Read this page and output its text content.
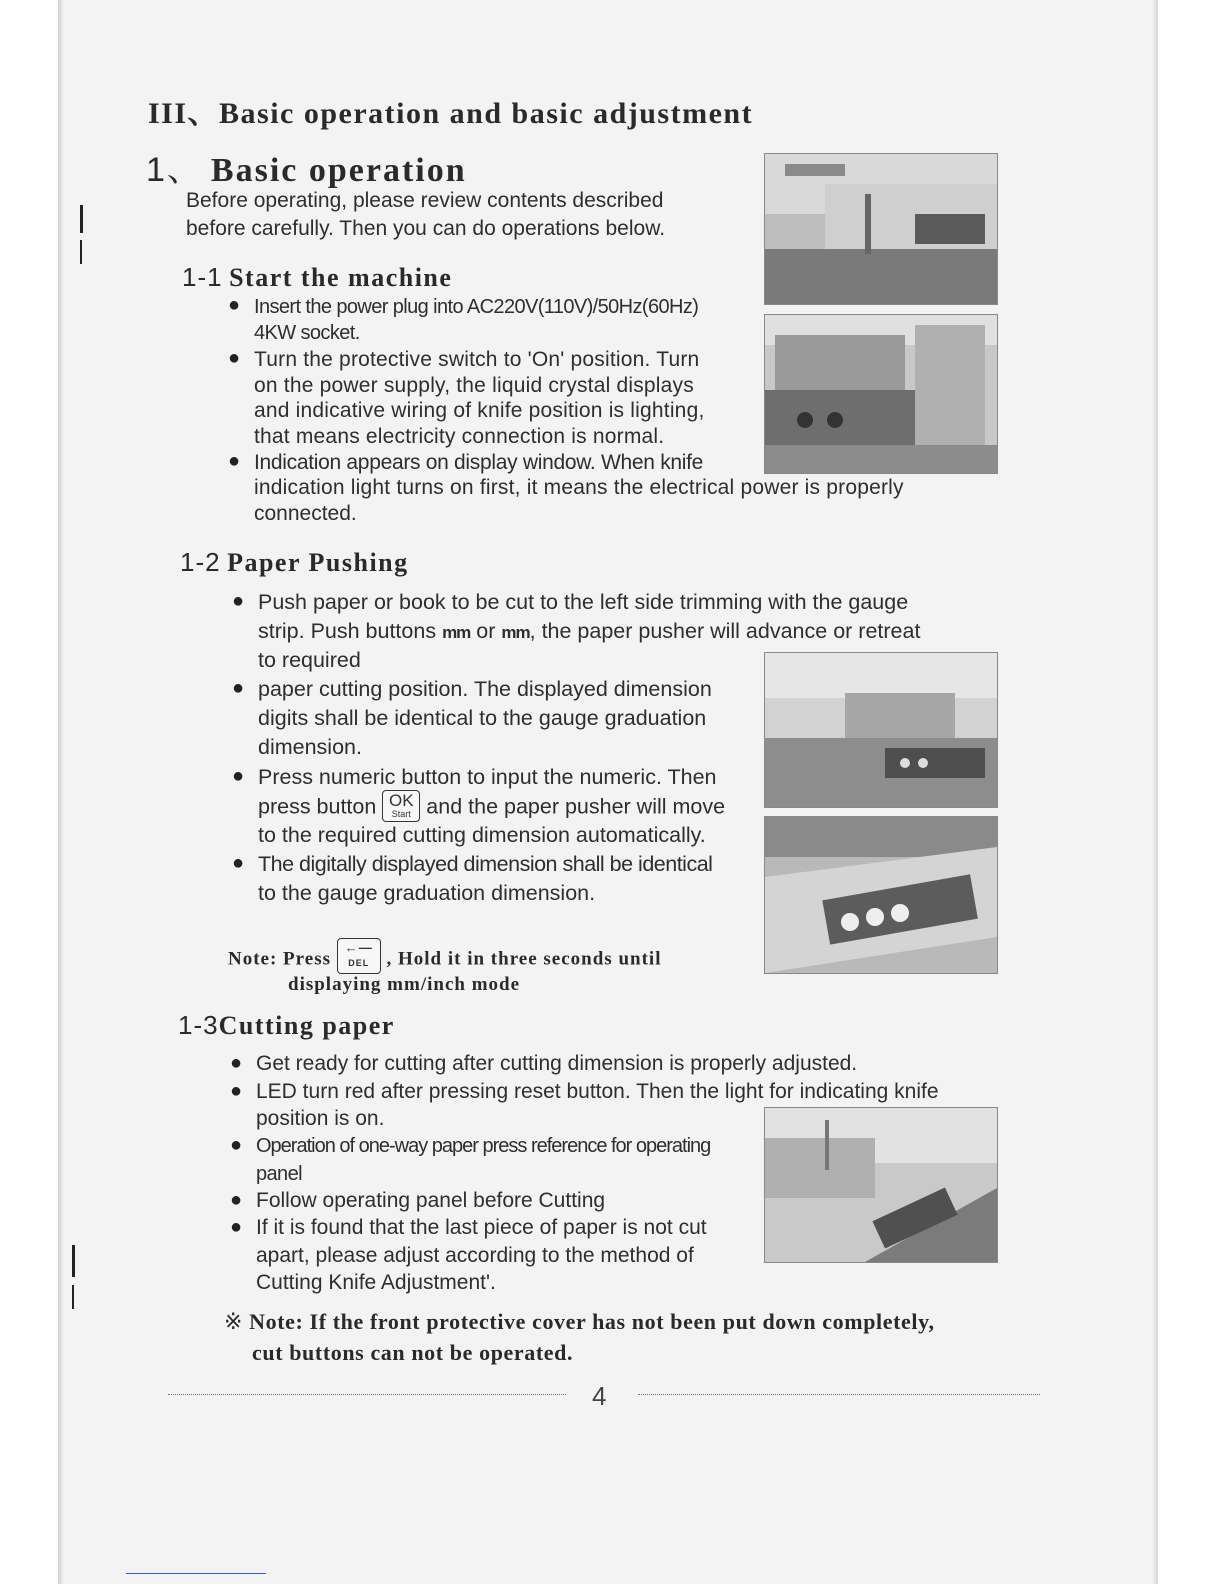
III、Basic operation and basic adjustment
1、 Basic operation
Before operating, please review contents described
before carefully. Then you can do operations below.
1-1 Start the machine
● Insert the power plug into AC220V(110V)/50Hz(60Hz)
4KW socket.
● Turn the protective switch to 'On' position. Turn
on the power supply, the liquid crystal displays
and indicative wiring of knife position is lighting,
that means electricity connection is normal.
● Indication appears on display window. When knife
indication light turns on first, it means the electrical power is properly
connected.
1-2 Paper Pushing
● Push paper or book to be cut to the left side trimming with the gauge
strip. Push buttons mm or mm, the paper pusher will advance or retreat
to required
● paper cutting position. The displayed dimension
digits shall be identical to the gauge graduation
dimension.
● Press numeric button to input the numeric. Then
press button OK
Start and the paper pusher will move
to the required cutting dimension automatically.
● The digitally displayed dimension shall be identical
to the gauge graduation dimension.
Note: Press
←—
DEL , Hold it in three seconds until
displaying mm/inch mode
1-3Cutting paper
● Get ready for cutting after cutting dimension is properly adjusted.
● LED turn red after pressing reset button. Then the light for indicating knife
position is on.
● Operation of one-way paper press reference for operating
panel
● Follow operating panel before Cutting
● If it is found that the last piece of paper is not cut
apart, please adjust according to the method of
Cutting Knife Adjustment'.
※ Note: If the front protective cover has not been put down completely,
cut buttons can not be operated.
4
